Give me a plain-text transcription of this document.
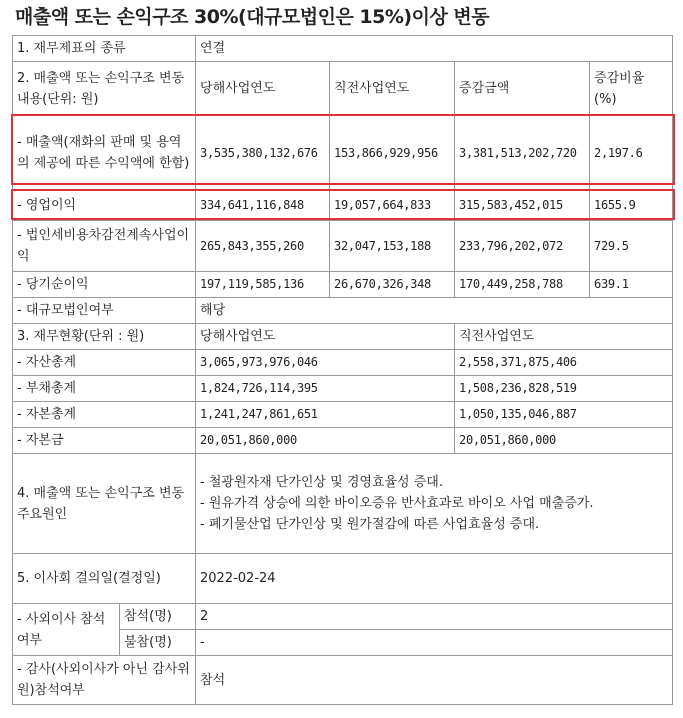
매출액 또는 손익구조 30%(대규모법인은 15%)이상 변동
1. 재무제표의 종류		연결			
2. 매출액 또는 손익구조 변동내용(단위: 원)		당해사업연도	직전사업연도	증감금액	증감비율 (%)
- 매출액(재화의 판매 및 용역의 제공에 따른 수익액에 한함)		3,535,380,132,676	153,866,929,956	3,381,513,202,720	2,197.6
- 영업이익		334,641,116,848	19,057,664,833	315,583,452,015	1655.9
- 법인세비용차감전계속사업이익		265,843,355,260	32,047,153,188	233,796,202,072	729.5
- 당기순이익		197,119,585,136	26,670,326,348	170,449,258,788	639.1
- 대규모법인여부		해당			
3. 재무현황(단위 : 원)		당해사업연도		직전사업연도	
- 자산총계		3,065,973,976,046		2,558,371,875,406	
- 부채총계		1,824,726,114,395		1,508,236,828,519	
- 자본총계		1,241,247,861,651		1,050,135,046,887	
- 자본금		20,051,860,000		20,051,860,000	
4. 매출액 또는 손익구조 변동 주요원인		- 철광원자재 단가인상 및 경영효율성 증대.
- 원유가격 상승에 의한 바이오증유 반사효과로 바이오 사업 매출증가.
- 폐기물산업 단가인상 및 원가절감에 따른 사업효율성 증대.			

5. 이사회 결의일(결정일)		2022-02-24			
- 사외이사 참석여부	참석(명)	2			
	불참(명)	-			
- 감사(사외이사가 아닌 감사위원)참석여부		참석			
